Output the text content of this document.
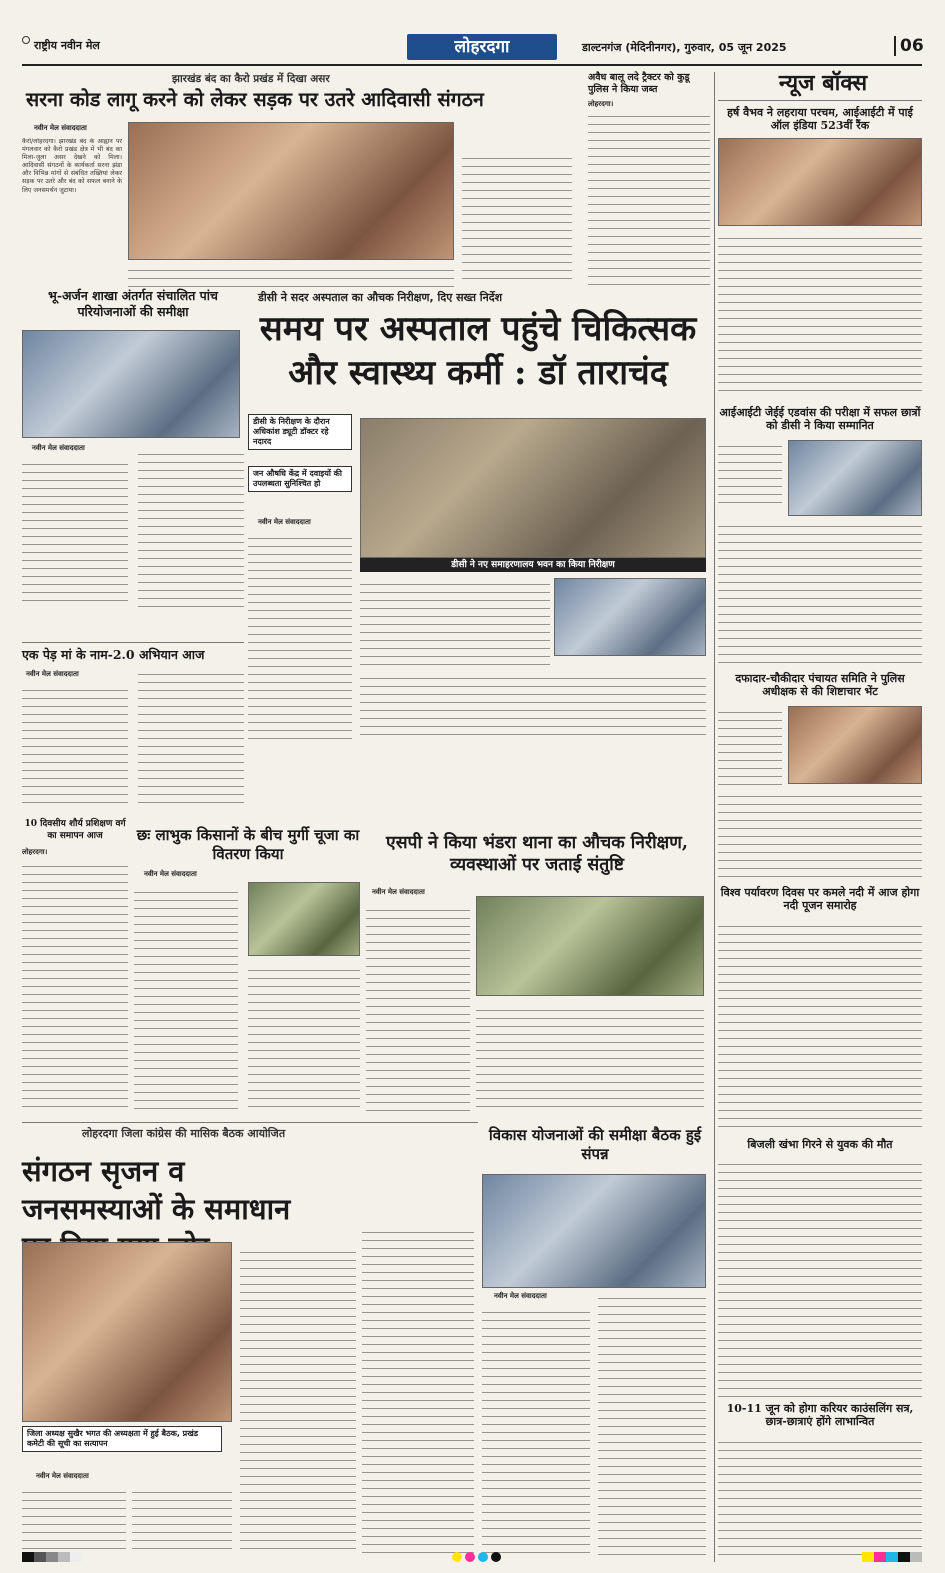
राष्ट्रीय नवीन मेल	लोहरदगा	डाल्टनगंज (मेदिनीनगर), गुरुवार, 05 जून 2025	06
झारखंड बंद का कैरो प्रखंड में दिखा असर
सरना कोड लागू करने को लेकर सड़क पर उतरे आदिवासी संगठन
नवीन मेल संवाददाता
कैरो/लोहरदगा। झारखंड बंद के आह्वान पर मंगलवार को कैरो प्रखंड क्षेत्र में भी बंद का मिला-जुला असर देखने को मिला। आदिवासी संगठनों के कार्यकर्ता सरना झंडा और विभिन्न मांगों से संबंधित तख्तियां लेकर सड़क पर उतरे और बंद को सफल बनाने के लिए जनसमर्थन जुटाया।
अवैध बालू लदे ट्रैक्टर को कुडू पुलिस ने किया जब्त
लोहरदगा।
भू-अर्जन शाखा अंतर्गत संचालित पांच परियोजनाओं की समीक्षा
नवीन मेल संवाददाता
डीसी ने सदर अस्पताल का औचक निरीक्षण, दिए सख्त निर्देश
समय पर अस्पताल पहुंचे चिकित्सक
और स्वास्थ्य कर्मी : डॉ ताराचंद
डीसी के निरीक्षण के दौरान अधिकांश ड्यूटी डॉक्टर रहे नदारद
जन औषधि केंद्र में दवाइयों की उपलब्धता सुनिश्चित हो
नवीन मेल संवाददाता
डीसी ने नए समाहरणालय भवन का किया निरीक्षण
एक पेड़ मां के नाम-2.0 अभियान आज
नवीन मेल संवाददाता
10 दिवसीय शौर्य प्रशिक्षण वर्ग का समापन आज
लोहरदगा।
छः लाभुक किसानों के बीच मुर्गी चूजा का वितरण किया
नवीन मेल संवाददाता
एसपी ने किया भंडरा थाना का औचक निरीक्षण, व्यवस्थाओं पर जताई संतुष्टि
नवीन मेल संवाददाता
लोहरदगा जिला कांग्रेस की मासिक बैठक आयोजित
संगठन सृजन व जनसमस्याओं के समाधान
जिला अध्यक्ष सुखैर भगत की अध्यक्षता में हुई बैठक, प्रखंड कमेटी की सूची का सत्यापन
नवीन मेल संवाददाता
विकास योजनाओं की समीक्षा बैठक हुई संपन्न
नवीन मेल संवाददाता
न्यूज बॉक्स
हर्ष वैभव ने लहराया परचम, आईआईटी में पाई ऑल इंडिया 523वीं रैंक
आईआईटी जेईई एडवांस की परीक्षा में सफल छात्रों को डीसी ने किया सम्मानित
दफादार-चौकीदार पंचायत समिति ने पुलिस अधीक्षक से की शिष्टाचार भेंट
विश्व पर्यावरण दिवस पर कमले नदी में आज होगा नदी पूजन समारोह
बिजली खंभा गिरने से युवक की मौत
10-11 जून को होगा करियर काउंसलिंग सत्र, छात्र-छात्राएं होंगे लाभान्वित
